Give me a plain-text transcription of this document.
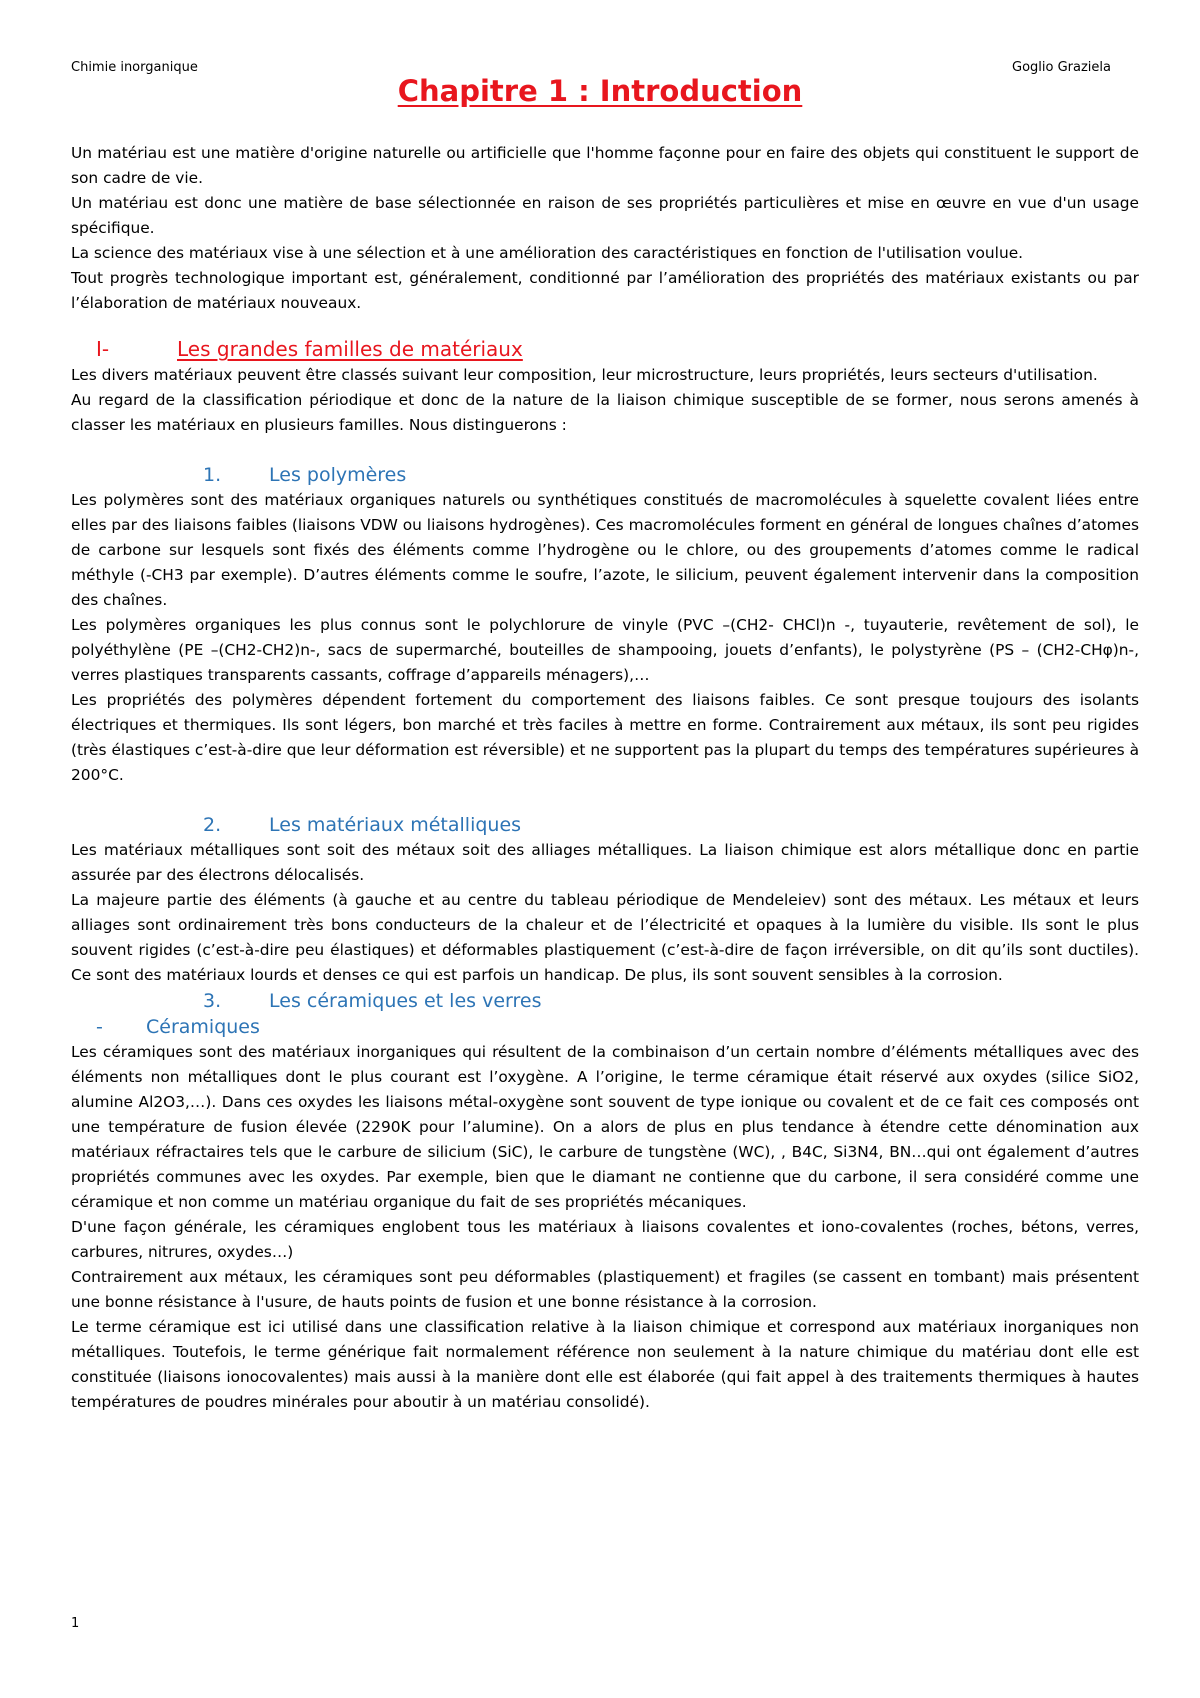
Chimie inorganique	Goglio Graziela
Chapitre 1 : Introduction

Un matériau est une matière d'origine naturelle ou artificielle que l'homme façonne pour en faire des objets qui constituent le support de son cadre de vie.

Un matériau est donc une matière de base sélectionnée en raison de ses propriétés particulières et mise en œuvre en vue d'un usage spécifique.

La science des matériaux vise à une sélection et à une amélioration des caractéristiques en fonction de l'utilisation voulue.

Tout progrès technologique important est, généralement, conditionné par l’amélioration des propriétés des matériaux existants ou par l’élaboration de matériaux nouveaux.

I-	Les grandes familles de matériaux

Les divers matériaux peuvent être classés suivant leur composition, leur microstructure, leurs propriétés, leurs secteurs d'utilisation.

Au regard de la classification périodique et donc de la nature de la liaison chimique susceptible de se former, nous serons amenés à classer les matériaux en plusieurs familles. Nous distinguerons :

1.	Les polymères

Les polymères sont des matériaux organiques naturels ou synthétiques constitués de macromolécules à squelette covalent liées entre elles par des liaisons faibles (liaisons VDW ou liaisons hydrogènes). Ces macromolécules forment en général de longues chaînes d’atomes de carbone sur lesquels sont fixés des éléments comme l’hydrogène ou le chlore, ou des groupements d’atomes comme le radical méthyle (-CH3 par exemple). D’autres éléments comme le soufre, l’azote, le silicium, peuvent également intervenir dans la composition des chaînes.

Les polymères organiques les plus connus sont le polychlorure de vinyle (PVC –(CH2- CHCl)n -, tuyauterie, revêtement de sol), le polyéthylène (PE –(CH2-CH2)n-, sacs de supermarché, bouteilles de shampooing, jouets d’enfants), le polystyrène (PS – (CH2-CHφ)n-, verres plastiques transparents cassants, coffrage d’appareils ménagers),…

Les propriétés des polymères dépendent fortement du comportement des liaisons faibles. Ce sont presque toujours des isolants électriques et thermiques. Ils sont légers, bon marché et très faciles à mettre en forme. Contrairement aux métaux, ils sont peu rigides (très élastiques c’est-à-dire que leur déformation est réversible) et ne supportent pas la plupart du temps des températures supérieures à 200°C.

2.	Les matériaux métalliques

Les matériaux métalliques sont soit des métaux soit des alliages métalliques. La liaison chimique est alors métallique donc en partie assurée par des électrons délocalisés.

La majeure partie des éléments (à gauche et au centre du tableau périodique de Mendeleiev) sont des métaux. Les métaux et leurs alliages sont ordinairement très bons conducteurs de la chaleur et de l’électricité et opaques à la lumière du visible. Ils sont le plus souvent rigides (c’est-à-dire peu élastiques) et déformables plastiquement (c’est-à-dire de façon irréversible, on dit qu’ils sont ductiles). Ce sont des matériaux lourds et denses ce qui est parfois un handicap. De plus, ils sont souvent sensibles à la corrosion.

3.	Les céramiques et les verres
-	Céramiques

Les céramiques sont des matériaux inorganiques qui résultent de la combinaison d’un certain nombre d’éléments métalliques avec des éléments non métalliques dont le plus courant est l’oxygène. A l’origine, le terme céramique était réservé aux oxydes (silice SiO2, alumine Al2O3,…). Dans ces oxydes les liaisons métal-oxygène sont souvent de type ionique ou covalent et de ce fait ces composés ont une température de fusion élevée (2290K pour l’alumine). On a alors de plus en plus tendance à étendre cette dénomination aux matériaux réfractaires tels que le carbure de silicium (SiC), le carbure de tungstène (WC), , B4C, Si3N4, BN…qui ont également d’autres propriétés communes avec les oxydes. Par exemple, bien que le diamant ne contienne que du carbone, il sera considéré comme une céramique et non comme un matériau organique du fait de ses propriétés mécaniques.

D'une façon générale, les céramiques englobent tous les matériaux à liaisons covalentes et iono-covalentes (roches, bétons, verres, carbures, nitrures, oxydes…)

Contrairement aux métaux, les céramiques sont peu déformables (plastiquement) et fragiles (se cassent en tombant) mais présentent une bonne résistance à l'usure, de hauts points de fusion et une bonne résistance à la corrosion.

Le terme céramique est ici utilisé dans une classification relative à la liaison chimique et correspond aux matériaux inorganiques non métalliques. Toutefois, le terme générique fait normalement référence non seulement à la nature chimique du matériau dont elle est constituée (liaisons ionocovalentes) mais aussi à la manière dont elle est élaborée (qui fait appel à des traitements thermiques à hautes températures de poudres minérales pour aboutir à un matériau consolidé).

1
